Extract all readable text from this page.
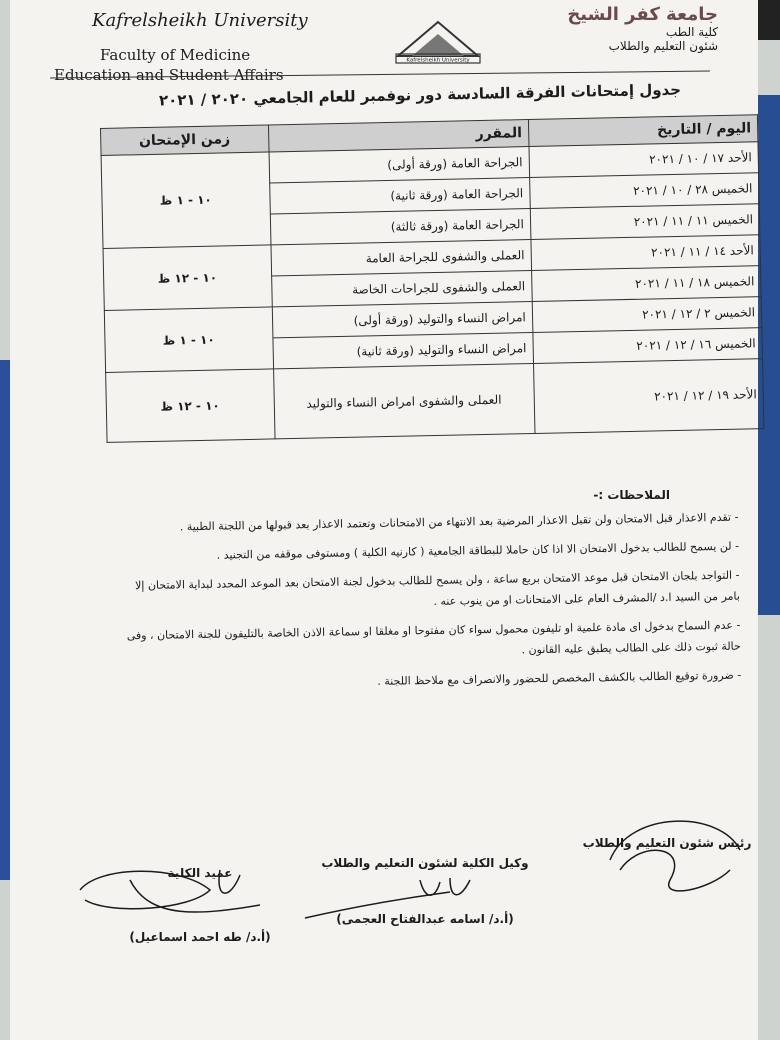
Kafrelsheikh University
Faculty of Medicine
Education and Student Affairs
Kafrelsheikh University
جامعة كفر الشيخ
كلية الطب
شئون التعليم والطلاب
جدول إمتحانات الفرقة السادسة دور نوفمبر للعام الجامعي ٢٠٢٠ / ٢٠٢١
اليوم / التاريخ	المقرر	زمن الإمتحان
الأحد ١٧ / ١٠ / ٢٠٢١	الجراحة العامة (ورقة أولى)	١٠ - ١ ظ
الخميس ٢٨ / ١٠ / ٢٠٢١	الجراحة العامة (ورقة ثانية)	
الخميس ١١ / ١١ / ٢٠٢١	الجراحة العامة (ورقة ثالثة)	
الأحد ١٤ / ١١ / ٢٠٢١	العملى والشفوى للجراحة العامة	١٠ - ١٢ ظ
الخميس ١٨ / ١١ / ٢٠٢١	العملى والشفوى للجراحات الخاصة	
الخميس ٢ / ١٢ / ٢٠٢١	امراض النساء والتوليد (ورقة أولى)	١٠ - ١ ظ
الخميس ١٦ / ١٢ / ٢٠٢١	امراض النساء والتوليد (ورقة ثانية)	
الأحد ١٩ / ١٢ / ٢٠٢١	العملى والشفوى امراض النساء والتوليد	١٠ - ١٢ ظ
الملاحظات :-

- تقدم الاعذار قبل الامتحان ولن تقبل الاعذار المرضية بعد الانتهاء من الامتحانات وتعتمد الاعذار بعد قبولها من اللجنة الطبية .

- لن يسمح للطالب بدخول الامتحان الا اذا كان حاملا للبطاقة الجامعية ( كارنيه الكلية ) ومستوفى موقفه من التجنيد .

- التواجد بلجان الامتحان قبل موعد الامتحان بربع ساعة ، ولن يسمح للطالب بدخول لجنة الامتحان بعد الموعد المحدد لبداية الامتحان إلا بامر من السيد ا.د /المشرف العام على الامتحانات او من ينوب عنه .

- عدم السماح بدخول اى مادة علمية او تليفون محمول سواء كان مفتوحا او مغلقا او سماعة الاذن الخاصة بالتليفون للجنة الامتحان ، وفى حالة ثبوت ذلك على الطالب يطبق عليه القانون .

- ضرورة توقيع الطالب بالكشف المخصص للحضور والانصراف مع ملاحظ اللجنة .

رئيس شئون التعليم والطلاب
وكيل الكلية لشئون التعليم والطلاب
(أ.د/ اسامه عبدالفتاح العجمى)
عميد الكلية
(أ.د/ طه احمد اسماعيل)
